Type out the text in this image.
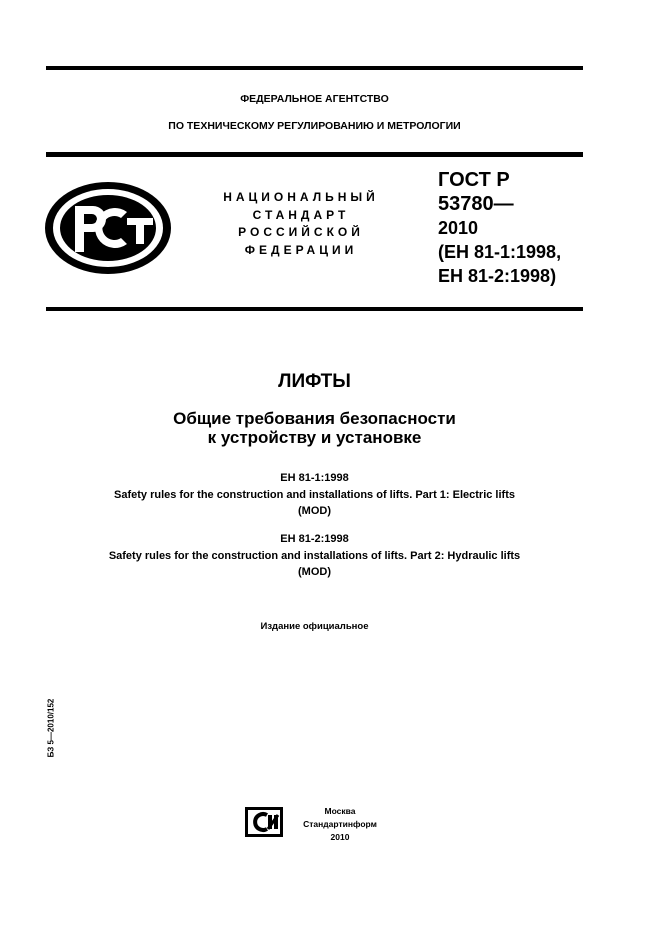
ФЕДЕРАЛЬНОЕ АГЕНТСТВО
ПО ТЕХНИЧЕСКОМУ РЕГУЛИРОВАНИЮ И МЕТРОЛОГИИ
НАЦИОНАЛЬНЫЙ
СТАНДАРТ
РОССИЙСКОЙ
ФЕДЕРАЦИИ
ГОСТ Р
53780—
2010
(ЕН 81-1:1998,
ЕН 81-2:1998)
ЛИФТЫ
Общие требования безопасности
к устройству и установке
ЕН 81-1:1998
Safety rules for the construction and installations of lifts. Part 1: Electric lifts
(MOD)
ЕН 81-2:1998
Safety rules for the construction and installations of lifts. Part 2: Hydraulic lifts
(MOD)
Издание официальное
БЗ 5—2010/152
Москва
Стандартинформ
2010
